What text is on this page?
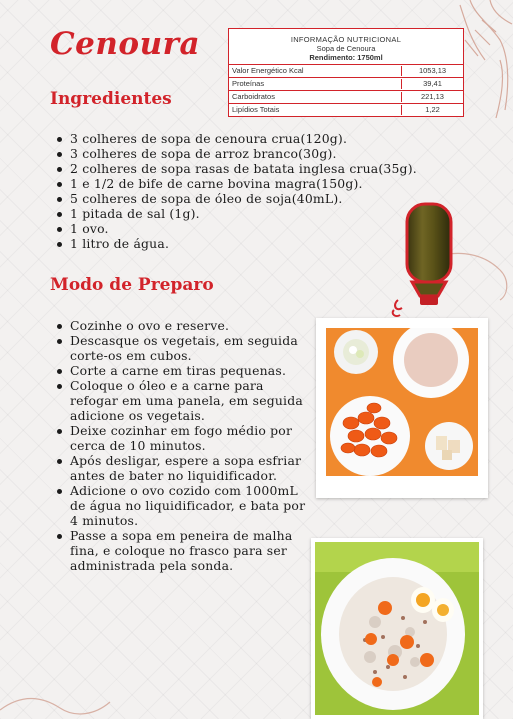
Cenoura	INFORMAÇÃO NUTRICIONAL
Sopa de Cenoura
Rendimento: 1750ml
Valor Energético Kcal	1053,13
Proteínas	39,41
Carboidratos	221,13
Lipídios Totais	1,22
Ingredientes
3 colheres de sopa de cenoura crua(120g).
3 colheres de sopa de arroz branco(30g).
2 colheres de sopa rasas de batata inglesa crua(35g).
1 e 1/2 de bife de carne bovina magra(150g).
5 colheres de sopa de óleo de soja(40mL).
1 pitada de sal (1g).
1 ovo.
1 litro de água.
Modo de Preparo
Cozinhe o ovo e reserve.
Descasque os vegetais, em seguida corte-os em cubos.
Corte a carne em tiras pequenas.
Coloque o óleo e a carne para refogar em uma panela, em seguida adicione os vegetais.
Deixe cozinhar em fogo médio por cerca de 10 minutos.
Após desligar, espere a sopa esfriar antes de bater no liquidificador.
Adicione o ovo cozido com 1000mL de água no liquidificador, e bata por 4 minutos.
Passe a sopa em peneira de malha fina, e coloque no frasco para ser administrada pela sonda.
